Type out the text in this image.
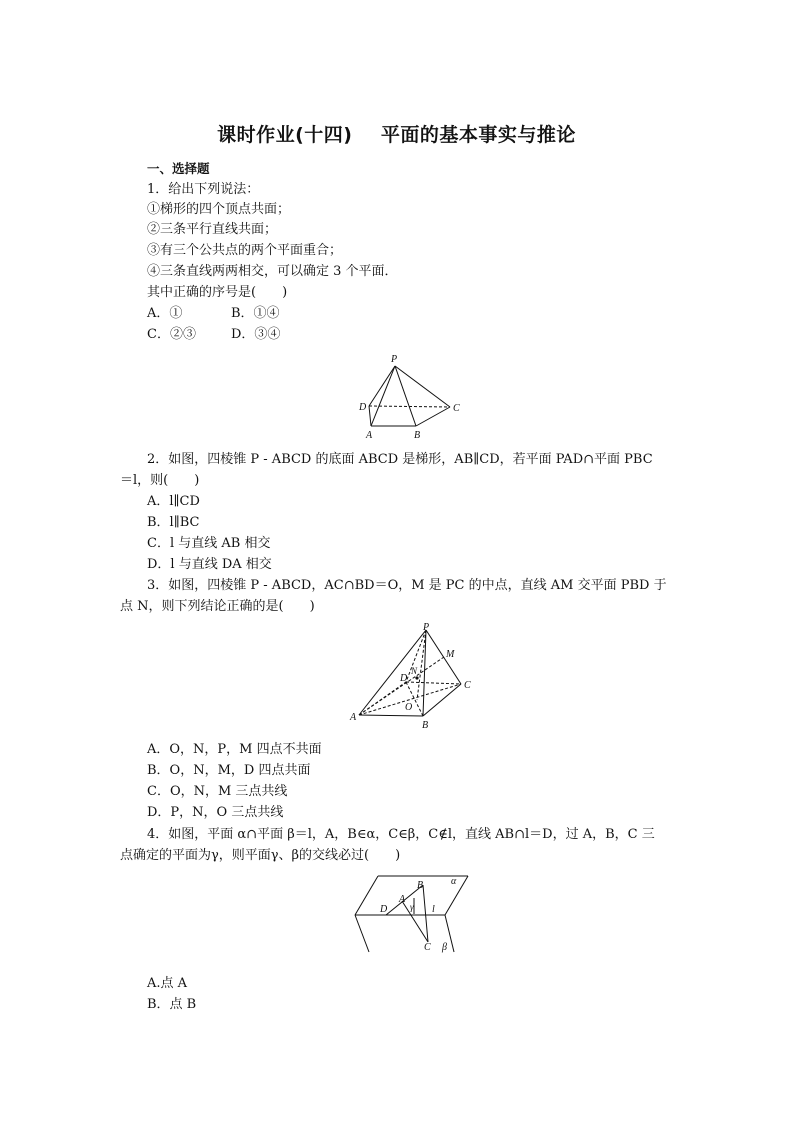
课时作业(十四)    平面的基本事实与推论
一、选择题
1．给出下列说法：
①梯形的四个顶点共面；
②三条平行直线共面；
③有三个公共点的两个平面重合；
④三条直线两两相交，可以确定 3 个平面．
其中正确的序号是(　　)
A．①	B．①④
C．②③	D．③④
P
D	C
A	B
2．如图，四棱锥 P - ABCD 的底面 ABCD 是梯形，AB∥CD，若平面 PAD∩平面 PBC
＝l，则(　　)
A．l∥CD
B．l∥BC
C．l 与直线 AB 相交
D．l 与直线 DA 相交
3．如图，四棱锥 P - ABCD，AC∩BD＝O，M 是 PC 的中点，直线 AM 交平面 PBD 于
点 N，则下列结论正确的是(　　)
P
M
D
N
C
O
A
B
A．O，N，P，M 四点不共面
B．O，N，M，D 四点共面
C．O，N，M 三点共线
D．P，N，O 三点共线
4．如图，平面 α∩平面 β＝l，A，B∈α，C∈β，C∉l，直线 AB∩l＝D，过 A，B，C 三
点确定的平面为γ，则平面γ、β的交线必过(　　)
α
B
A
γ
D	l
C β
A.点 A
B．点 B
